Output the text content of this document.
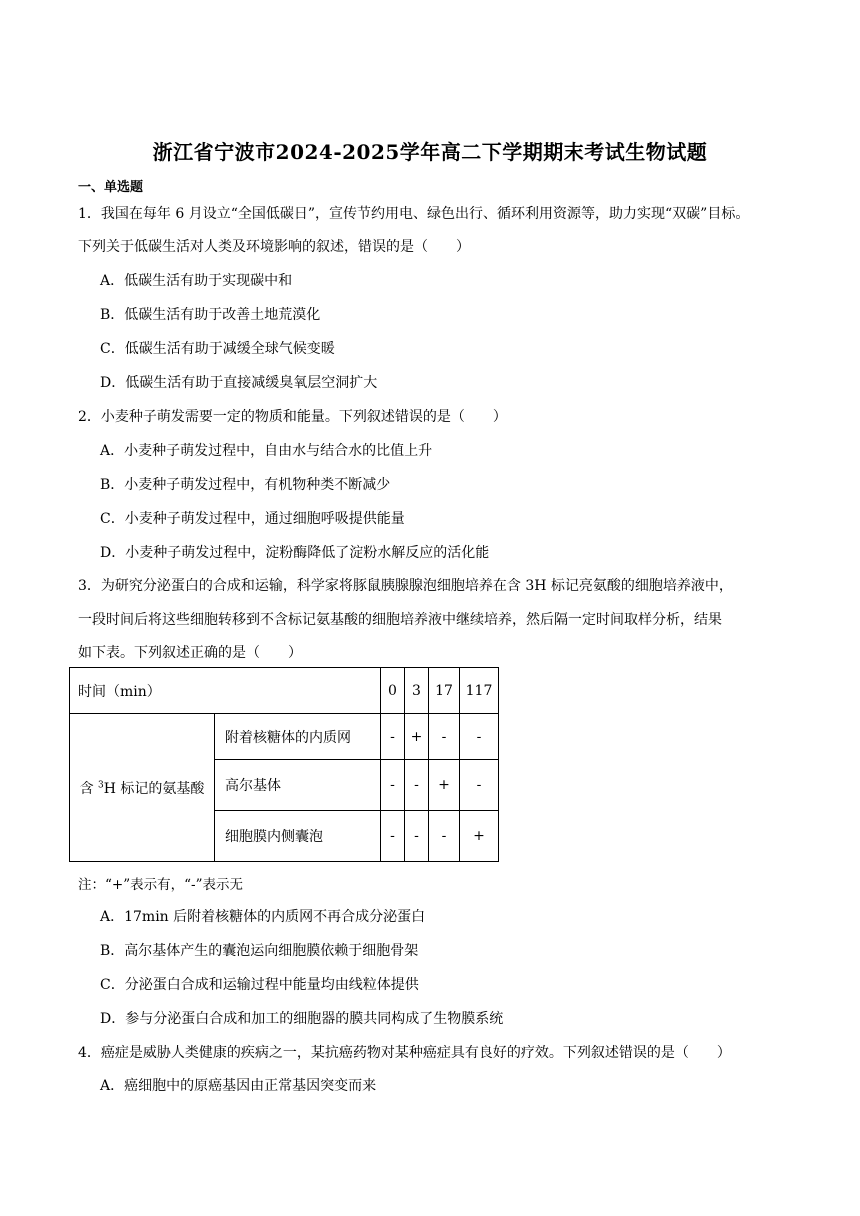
浙江省宁波市2024-2025学年高二下学期期末考试生物试题
一、单选题
1．我国在每年 6 月设立“全国低碳日”，宣传节约用电、绿色出行、循环利用资源等，助力实现“双碳”目标。
下列关于低碳生活对人类及环境影响的叙述，错误的是（　　）
A．低碳生活有助于实现碳中和
B．低碳生活有助于改善土地荒漠化
C．低碳生活有助于减缓全球气候变暖
D．低碳生活有助于直接减缓臭氧层空洞扩大
2．小麦种子萌发需要一定的物质和能量。下列叙述错误的是（　　）
A．小麦种子萌发过程中，自由水与结合水的比值上升
B．小麦种子萌发过程中，有机物种类不断减少
C．小麦种子萌发过程中，通过细胞呼吸提供能量
D．小麦种子萌发过程中，淀粉酶降低了淀粉水解反应的活化能
3．为研究分泌蛋白的合成和运输，科学家将豚鼠胰腺腺泡细胞培养在含 3H 标记亮氨酸的细胞培养液中，
一段时间后将这些细胞转移到不含标记氨基酸的细胞培养液中继续培养，然后隔一定时间取样分析，结果
如下表。下列叙述正确的是（　　）
时间（min）		0	3	17	117
含 $^3$H 标记的氨基酸	附着核糖体的内质网	-	+	-	-
	高尔基体	-	-	+	-
	细胞膜内侧囊泡	-	-	-	+
注：“+”表示有，“-”表示无
A．17min 后附着核糖体的内质网不再合成分泌蛋白
B．高尔基体产生的囊泡运向细胞膜依赖于细胞骨架
C．分泌蛋白合成和运输过程中能量均由线粒体提供
D．参与分泌蛋白合成和加工的细胞器的膜共同构成了生物膜系统
4．癌症是威胁人类健康的疾病之一，某抗癌药物对某种癌症具有良好的疗效。下列叙述错误的是（　　）
A．癌细胞中的原癌基因由正常基因突变而来
